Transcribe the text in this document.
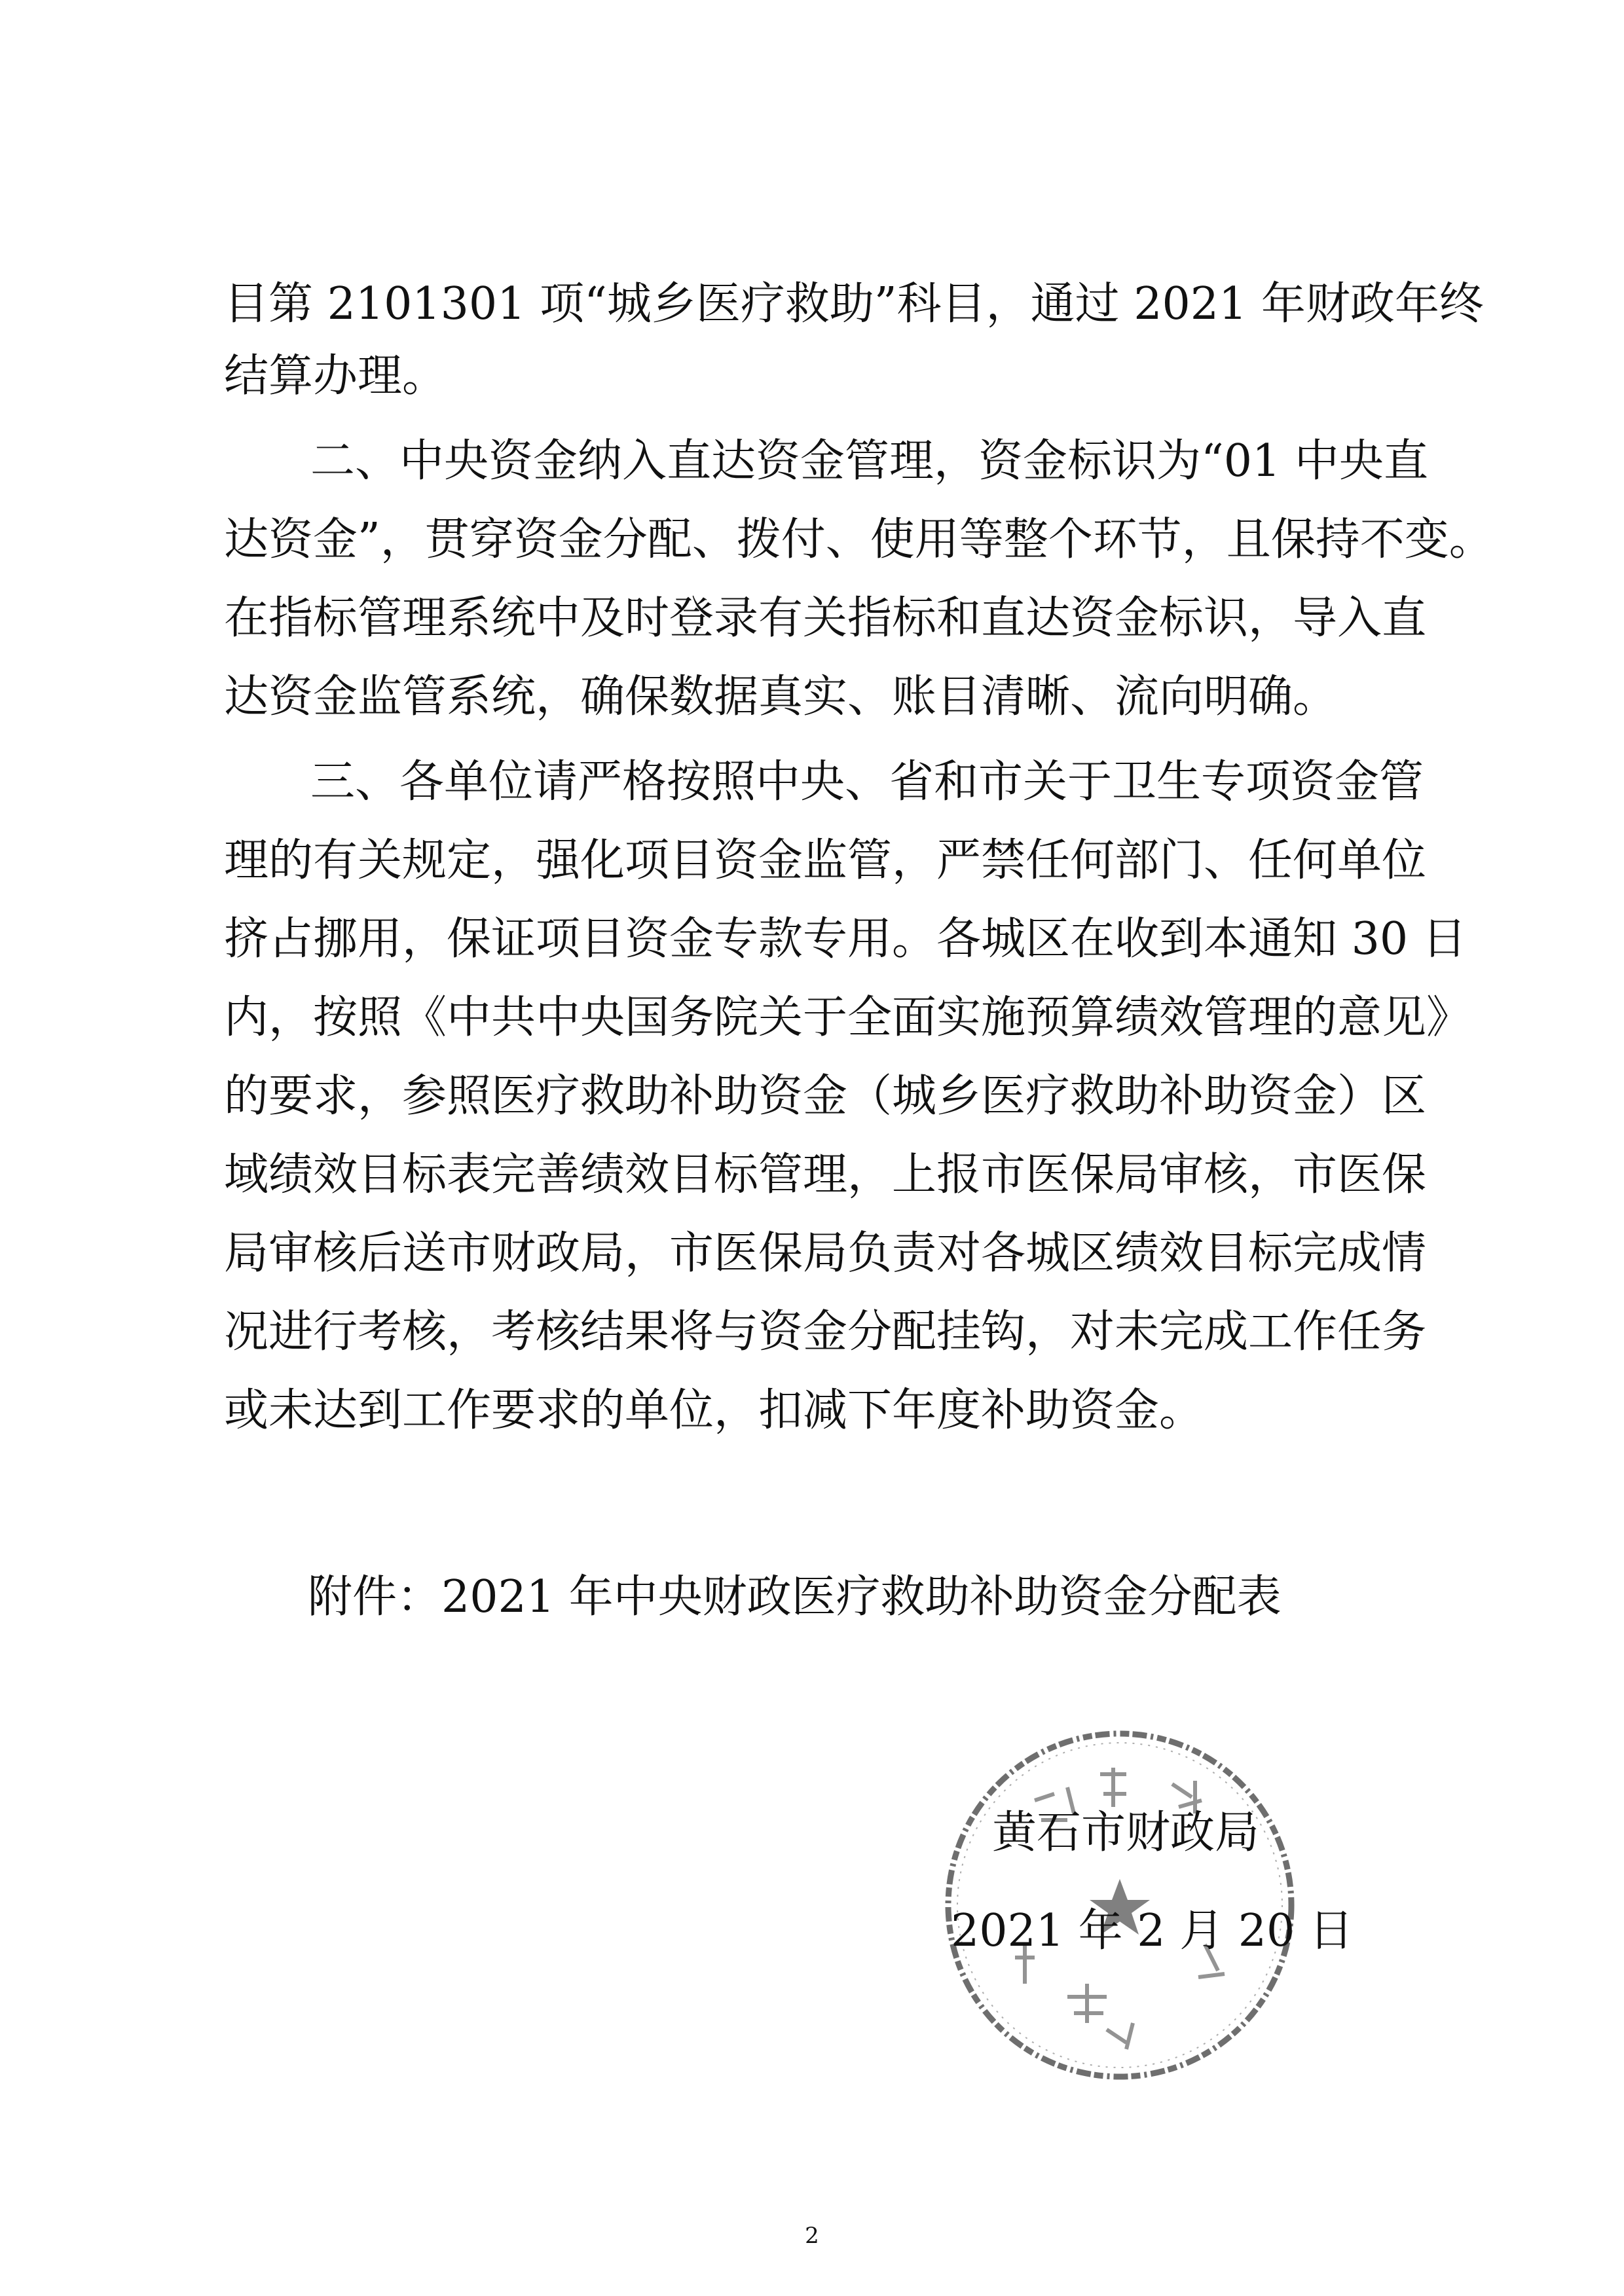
目第 2101301 项“城乡医疗救助”科目，通过 2021 年财政年终
结算办理。
二、中央资金纳入直达资金管理，资金标识为“01 中央直
达资金”，贯穿资金分配、拨付、使用等整个环节，且保持不变。
在指标管理系统中及时登录有关指标和直达资金标识，导入直
达资金监管系统，确保数据真实、账目清晰、流向明确。
三、各单位请严格按照中央、省和市关于卫生专项资金管
理的有关规定，强化项目资金监管，严禁任何部门、任何单位
挤占挪用，保证项目资金专款专用。各城区在收到本通知 30 日
内，按照《中共中央国务院关于全面实施预算绩效管理的意见》
的要求，参照医疗救助补助资金（城乡医疗救助补助资金）区
域绩效目标表完善绩效目标管理，上报市医保局审核，市医保
局审核后送市财政局，市医保局负责对各城区绩效目标完成情
况进行考核，考核结果将与资金分配挂钩，对未完成工作任务
或未达到工作要求的单位，扣减下年度补助资金。
附件：2021 年中央财政医疗救助补助资金分配表
黄石市财政局
2021 年 2 月 20 日
2
